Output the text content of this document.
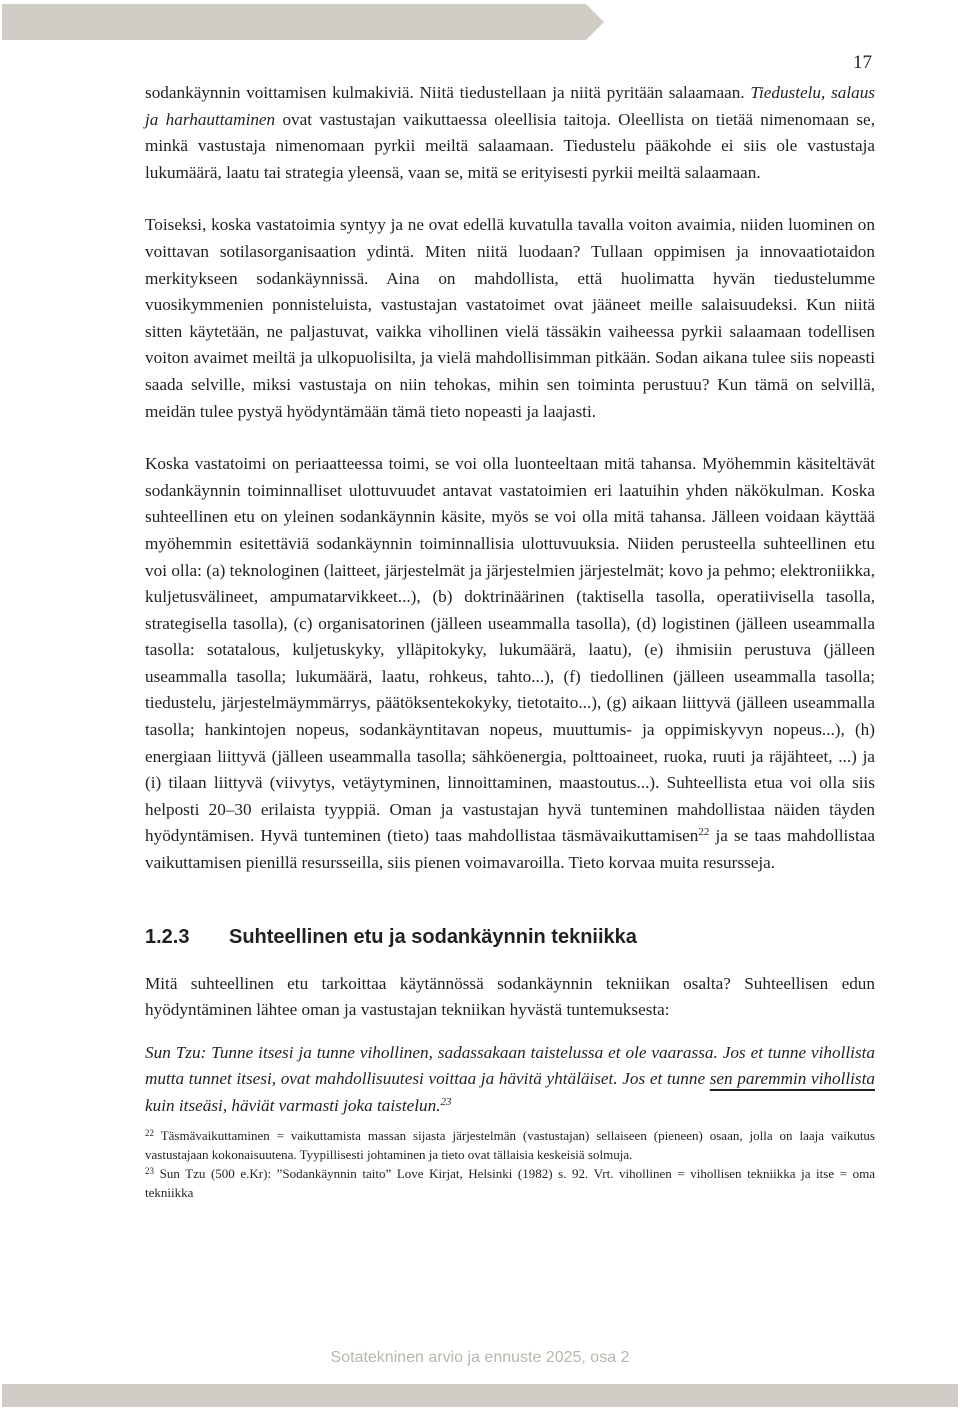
17

sodankäynnin voittamisen kulmakiviä. Niitä tiedustellaan ja niitä pyritään salaamaan. Tiedustelu, salaus ja harhauttaminen ovat vastustajan vaikuttaessa oleellisia taitoja. Oleellista on tietää nimenomaan se, minkä vastustaja nimenomaan pyrkii meiltä salaamaan. Tiedustelu pääkohde ei siis ole vastustaja lukumäärä, laatu tai strategia yleensä, vaan se, mitä se erityisesti pyrkii meiltä salaamaan.

Toiseksi, koska vastatoimia syntyy ja ne ovat edellä kuvatulla tavalla voiton avaimia, niiden luominen on voittavan sotilasorganisaation ydintä. Miten niitä luodaan? Tullaan oppimisen ja innovaatiotaidon merkitykseen sodankäynnissä. Aina on mahdollista, että huolimatta hyvän tiedustelumme vuosikymmenien ponnisteluista, vastustajan vastatoimet ovat jääneet meille salaisuudeksi. Kun niitä sitten käytetään, ne paljastuvat, vaikka vihollinen vielä tässäkin vaiheessa pyrkii salaamaan todellisen voiton avaimet meiltä ja ulkopuolisilta, ja vielä mahdollisimman pitkään. Sodan aikana tulee siis nopeasti saada selville, miksi vastustaja on niin tehokas, mihin sen toiminta perustuu? Kun tämä on selvillä, meidän tulee pystyä hyödyntämään tämä tieto nopeasti ja laajasti.

Koska vastatoimi on periaatteessa toimi, se voi olla luonteeltaan mitä tahansa. Myöhemmin käsiteltävät sodankäynnin toiminnalliset ulottuvuudet antavat vastatoimien eri laatuihin yhden näkökulman. Koska suhteellinen etu on yleinen sodankäynnin käsite, myös se voi olla mitä tahansa. Jälleen voidaan käyttää myöhemmin esitettäviä sodankäynnin toiminnallisia ulottuvuuksia. Niiden perusteella suhteellinen etu voi olla: (a) teknologinen (laitteet, järjestelmät ja järjestelmien järjestelmät; kovo ja pehmo; elektroniikka, kuljetusvälineet, ampumatarvikkeet...), (b) doktrinäärinen (taktisella tasolla, operatiivisella tasolla, strategisella tasolla), (c) organisatorinen (jälleen useammalla tasolla), (d) logistinen (jälleen useammalla tasolla: sotatalous, kuljetuskyky, ylläpitokyky, lukumäärä, laatu), (e) ihmisiin perustuva (jälleen useammalla tasolla; lukumäärä, laatu, rohkeus, tahto...), (f) tiedollinen (jälleen useammalla tasolla; tiedustelu, järjestelmäymmärrys, päätöksentekokyky, tietotaito...), (g) aikaan liittyvä (jälleen useammalla tasolla; hankintojen nopeus, sodankäyntitavan nopeus, muuttumis- ja oppimiskyvyn nopeus...), (h) energiaan liittyvä (jälleen useammalla tasolla; sähköenergia, polttoaineet, ruoka, ruuti ja räjähteet, ...) ja (i) tilaan liittyvä (viivytys, vetäytyminen, linnoittaminen, maastoutus...). Suhteellista etua voi olla siis helposti 20–30 erilaista tyyppiä. Oman ja vastustajan hyvä tunteminen mahdollistaa näiden täyden hyödyntämisen. Hyvä tunteminen (tieto) taas mahdollistaa täsmävaikuttamisen$^{22}$ ja se taas mahdollistaa vaikuttamisen pienillä resursseilla, siis pienen voimavaroilla. Tieto korvaa muita resursseja.

1.2.3	Suhteellinen etu ja sodankäynnin tekniikka

Mitä suhteellinen etu tarkoittaa käytännössä sodankäynnin tekniikan osalta? Suhteellisen edun hyödyntäminen lähtee oman ja vastustajan tekniikan hyvästä tuntemuksesta:

Sun Tzu: Tunne itsesi ja tunne vihollinen, sadassakaan taistelussa et ole vaarassa. Jos et tunne vihollista mutta tunnet itsesi, ovat mahdollisuutesi voittaa ja hävitä yhtäläiset. Jos et tunne sen paremmin vihollista kuin itseäsi, häviät varmasti joka taistelun.$^{23}$

$^{22}$ Täsmävaikuttaminen = vaikuttamista massan sijasta järjestelmän (vastustajan) sellaiseen (pieneen) osaan, jolla on laaja vaikutus vastustajaan kokonaisuutena. Tyypillisesti johtaminen ja tieto ovat tällaisia keskeisiä solmuja.

$^{23}$ Sun Tzu (500 e.Kr): ”Sodankäynnin taito” Love Kirjat, Helsinki (1982) s. 92. Vrt. vihollinen = vihollisen tekniikka ja itse = oma tekniikka

Sotatekninen arvio ja ennuste 2025, osa 2
